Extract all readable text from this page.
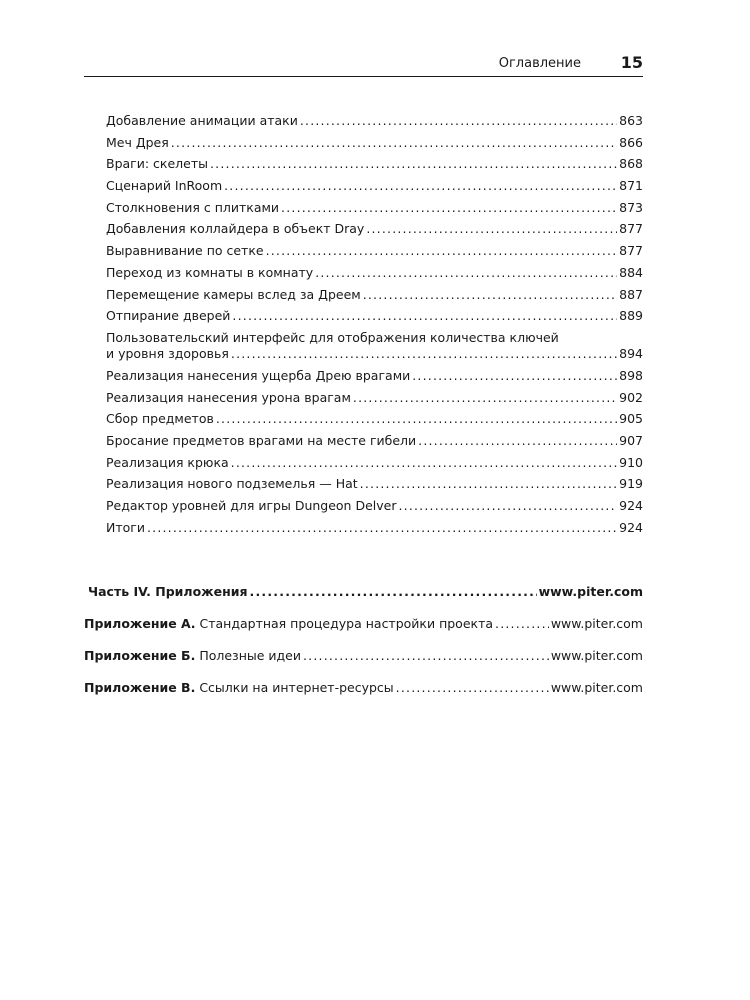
Оглавление 15
Добавление анимации атаки .....	863
Меч Дрея .....	866
Враги: скелеты .....	868
Сценарий InRoom .....	871
Столкновения с плитками .....	873
Добавления коллайдера в объект Dray .....	877
Выравнивание по сетке .....	877
Переход из комнаты в комнату .....	884
Перемещение камеры вслед за Дреем .....	887
Отпирание дверей .....	889
Пользовательский интерфейс для отображения количества ключей
и уровня здоровья .....	894
Реализация нанесения ущерба Дрею врагами .....	898
Реализация нанесения урона врагам .....	902
Сбор предметов .....	905
Бросание предметов врагами на месте гибели .....	907
Реализация крюка .....	910
Реализация нового подземелья — Hat .....	919
Редактор уровней для игры Dungeon Delver .....	924
Итоги .....	924
Часть IV. Приложения .....	www.piter.com
Приложение А. Стандартная процедура настройки проекта .....	www.piter.com
Приложение Б. Полезные идеи .....	www.piter.com
Приложение В. Ссылки на интернет-ресурсы .....	www.piter.com
